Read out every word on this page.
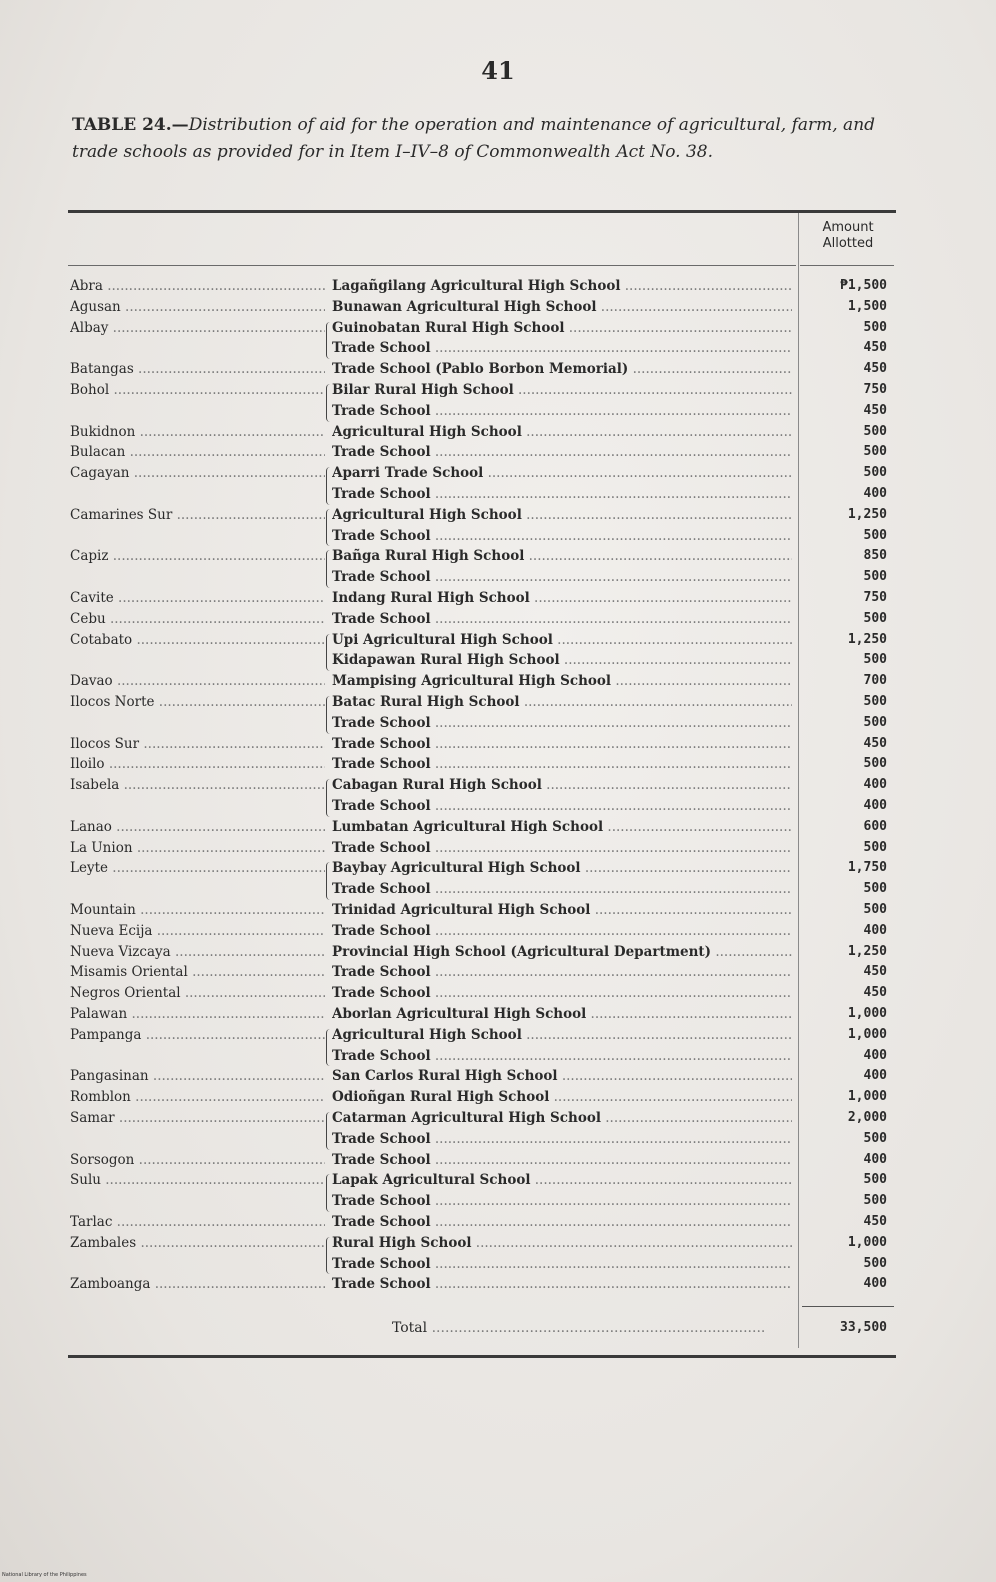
41
TABLE 24.—Distribution of aid for the operation and maintenance of agricultural, farm, and trade schools as provided for in Item I–IV–8 of Commonwealth Act No. 38.
Amount
Allotted
Abra .....	Lagañgilang Agricultural High School .....	₱1,500
Agusan .....	Bunawan Agricultural High School .....	1,500
Albay .....	Guinobatan Rural High School .....	500
Trade School .....	450
Batangas .....	Trade School (Pablo Borbon Memorial) .....	450
Bohol .....	Bilar Rural High School .....	750
Trade School .....	450
Bukidnon .....	Agricultural High School .....	500
Bulacan .....	Trade School .....	500
Cagayan .....	Aparri Trade School .....	500
Trade School .....	400
Camarines Sur .....	Agricultural High School .....	1,250
Trade School .....	500
Capiz .....	Bañga Rural High School .....	850
Trade School .....	500
Cavite .....	Indang Rural High School .....	750
Cebu .....	Trade School .....	500
Cotabato .....	Upi Agricultural High School .....	1,250
Kidapawan Rural High School .....	500
Davao .....	Mampising Agricultural High School .....	700
Ilocos Norte .....	Batac Rural High School .....	500
Trade School .....	500
Ilocos Sur .....	Trade School .....	450
Iloilo .....	Trade School .....	500
Isabela .....	Cabagan Rural High School .....	400
Trade School .....	400
Lanao .....	Lumbatan Agricultural High School .....	600
La Union .....	Trade School .....	500
Leyte .....	Baybay Agricultural High School .....	1,750
Trade School .....	500
Mountain .....	Trinidad Agricultural High School .....	500
Nueva Ecija .....	Trade School .....	400
Nueva Vizcaya .....	Provincial High School (Agricultural Department) .....	1,250
Misamis Oriental .....	Trade School .....	450
Negros Oriental .....	Trade School .....	450
Palawan .....	Aborlan Agricultural High School .....	1,000
Pampanga .....	Agricultural High School .....	1,000
Trade School .....	400
Pangasinan .....	San Carlos Rural High School .....	400
Romblon .....	Odioñgan Rural High School .....	1,000
Samar .....	Catarman Agricultural High School .....	2,000
Trade School .....	500
Sorsogon .....	Trade School .....	400
Sulu .....	Lapak Agricultural School .....	500
Trade School .....	500
Tarlac .....	Trade School .....	450
Zambales .....	Rural High School .....	1,000
Trade School .....	500
Zamboanga .....	Trade School .....	400
Total .....	33,500
National Library of the Philippines
